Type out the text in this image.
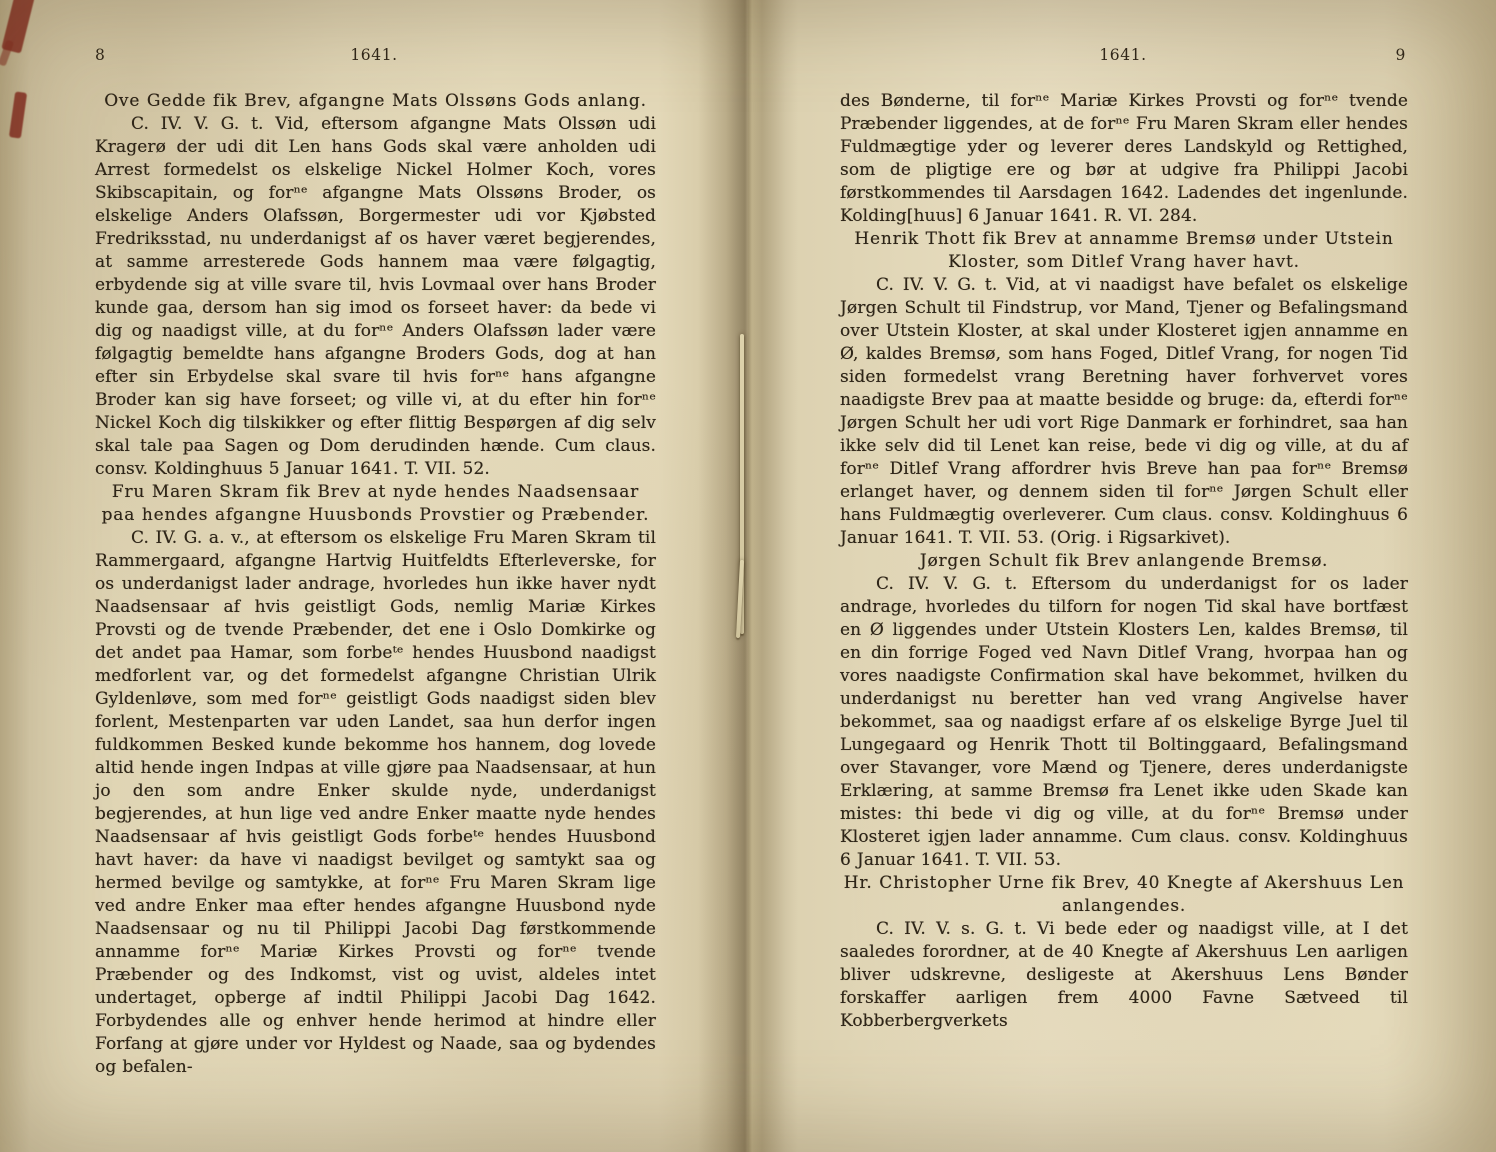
8	1641.
Ove Gedde fik Brev, afgangne Mats Olssøns Gods anlang.

C. IV. V. G. t. Vid, eftersom afgangne Mats Olssøn udi Kragerø der udi dit Len hans Gods skal være anholden udi Arrest formedelst os elskelige Nickel Holmer Koch, vores Skibscapitain, og forⁿᵉ afgangne Mats Olssøns Broder, os elskelige Anders Olafssøn, Borgermester udi vor Kjøbsted Fredriksstad, nu underdanigst af os haver været begjerendes, at samme arresterede Gods hannem maa være følgagtig, erbydende sig at ville svare til, hvis Lovmaal over hans Broder kunde gaa, dersom han sig imod os forseet haver: da bede vi dig og naadigst ville, at du forⁿᵉ Anders Olafssøn lader være følgagtig bemeldte hans afgangne Broders Gods, dog at han efter sin Erbydelse skal svare til hvis forⁿᵉ hans afgangne Broder kan sig have forseet; og ville vi, at du efter hin forⁿᵉ Nickel Koch dig tilskikker og efter flittig Bespørgen af dig selv skal tale paa Sagen og Dom derudinden hænde. Cum claus. consv. Koldinghuus 5 Januar 1641. T. VII. 52.

Fru Maren Skram fik Brev at nyde hendes Naadsensaar paa hendes afgangne Huusbonds Provstier og Præbender.

C. IV. G. a. v., at eftersom os elskelige Fru Maren Skram til Rammergaard, afgangne Hartvig Huitfeldts Efterleverske, for os underdanigst lader andrage, hvorledes hun ikke haver nydt Naadsensaar af hvis geistligt Gods, nemlig Mariæ Kirkes Provsti og de tvende Præbender, det ene i Oslo Domkirke og det andet paa Hamar, som forbeᵗᵉ hendes Huusbond naadigst medforlent var, og det formedelst afgangne Christian Ulrik Gyldenløve, som med forⁿᵉ geistligt Gods naadigst siden blev forlent, Mestenparten var uden Landet, saa hun derfor ingen fuldkommen Besked kunde bekomme hos hannem, dog lovede altid hende ingen Indpas at ville gjøre paa Naadsensaar, at hun jo den som andre Enker skulde nyde, underdanigst begjerendes, at hun lige ved andre Enker maatte nyde hendes Naadsensaar af hvis geistligt Gods forbeᵗᵉ hendes Huusbond havt haver: da have vi naadigst bevilget og samtykt saa og hermed bevilge og samtykke, at forⁿᵉ Fru Maren Skram lige ved andre Enker maa efter hendes afgangne Huusbond nyde Naadsensaar og nu til Philippi Jacobi Dag førstkommende annamme forⁿᵉ Mariæ Kirkes Provsti og forⁿᵉ tvende Præbender og des Indkomst, vist og uvist, aldeles intet undertaget, opberge af indtil Philippi Jacobi Dag 1642. Forbydendes alle og enhver hende herimod at hindre eller Forfang at gjøre under vor Hyldest og Naade, saa og bydendes og befalen-

1641.	9

des Bønderne, til forⁿᵉ Mariæ Kirkes Provsti og forⁿᵉ tvende Præbender liggendes, at de forⁿᵉ Fru Maren Skram eller hendes Fuldmægtige yder og leverer deres Landskyld og Rettighed, som de pligtige ere og bør at udgive fra Philippi Jacobi førstkommendes til Aarsdagen 1642. Ladendes det ingenlunde. Kolding[huus] 6 Januar 1641. R. VI. 284.

Henrik Thott fik Brev at annamme Bremsø under Utstein Kloster, som Ditlef Vrang haver havt.

C. IV. V. G. t. Vid, at vi naadigst have befalet os elskelige Jørgen Schult til Findstrup, vor Mand, Tjener og Befalingsmand over Utstein Kloster, at skal under Klosteret igjen annamme en Ø, kaldes Bremsø, som hans Foged, Ditlef Vrang, for nogen Tid siden formedelst vrang Beretning haver forhvervet vores naadigste Brev paa at maatte besidde og bruge: da, efterdi forⁿᵉ Jørgen Schult her udi vort Rige Danmark er forhindret, saa han ikke selv did til Lenet kan reise, bede vi dig og ville, at du af forⁿᵉ Ditlef Vrang affordrer hvis Breve han paa forⁿᵉ Bremsø erlanget haver, og dennem siden til forⁿᵉ Jørgen Schult eller hans Fuldmægtig overleverer. Cum claus. consv. Koldinghuus 6 Januar 1641. T. VII. 53. (Orig. i Rigsarkivet).

Jørgen Schult fik Brev anlangende Bremsø.

C. IV. V. G. t. Eftersom du underdanigst for os lader andrage, hvorledes du tilforn for nogen Tid skal have bortfæst en Ø liggendes under Utstein Klosters Len, kaldes Bremsø, til en din forrige Foged ved Navn Ditlef Vrang, hvorpaa han og vores naadigste Confirmation skal have bekommet, hvilken du underdanigst nu beretter han ved vrang Angivelse haver bekommet, saa og naadigst erfare af os elskelige Byrge Juel til Lungegaard og Henrik Thott til Boltinggaard, Befalingsmand over Stavanger, vore Mænd og Tjenere, deres underdanigste Erklæring, at samme Bremsø fra Lenet ikke uden Skade kan mistes: thi bede vi dig og ville, at du forⁿᵉ Bremsø under Klosteret igjen lader annamme. Cum claus. consv. Koldinghuus 6 Januar 1641. T. VII. 53.

Hr. Christopher Urne fik Brev, 40 Knegte af Akershuus Len anlangendes.

C. IV. V. s. G. t. Vi bede eder og naadigst ville, at I det saaledes forordner, at de 40 Knegte af Akershuus Len aarligen bliver udskrevne, desligeste at Akershuus Lens Bønder forskaffer aarligen frem 4000 Favne Sætveed til Kobberbergverkets
